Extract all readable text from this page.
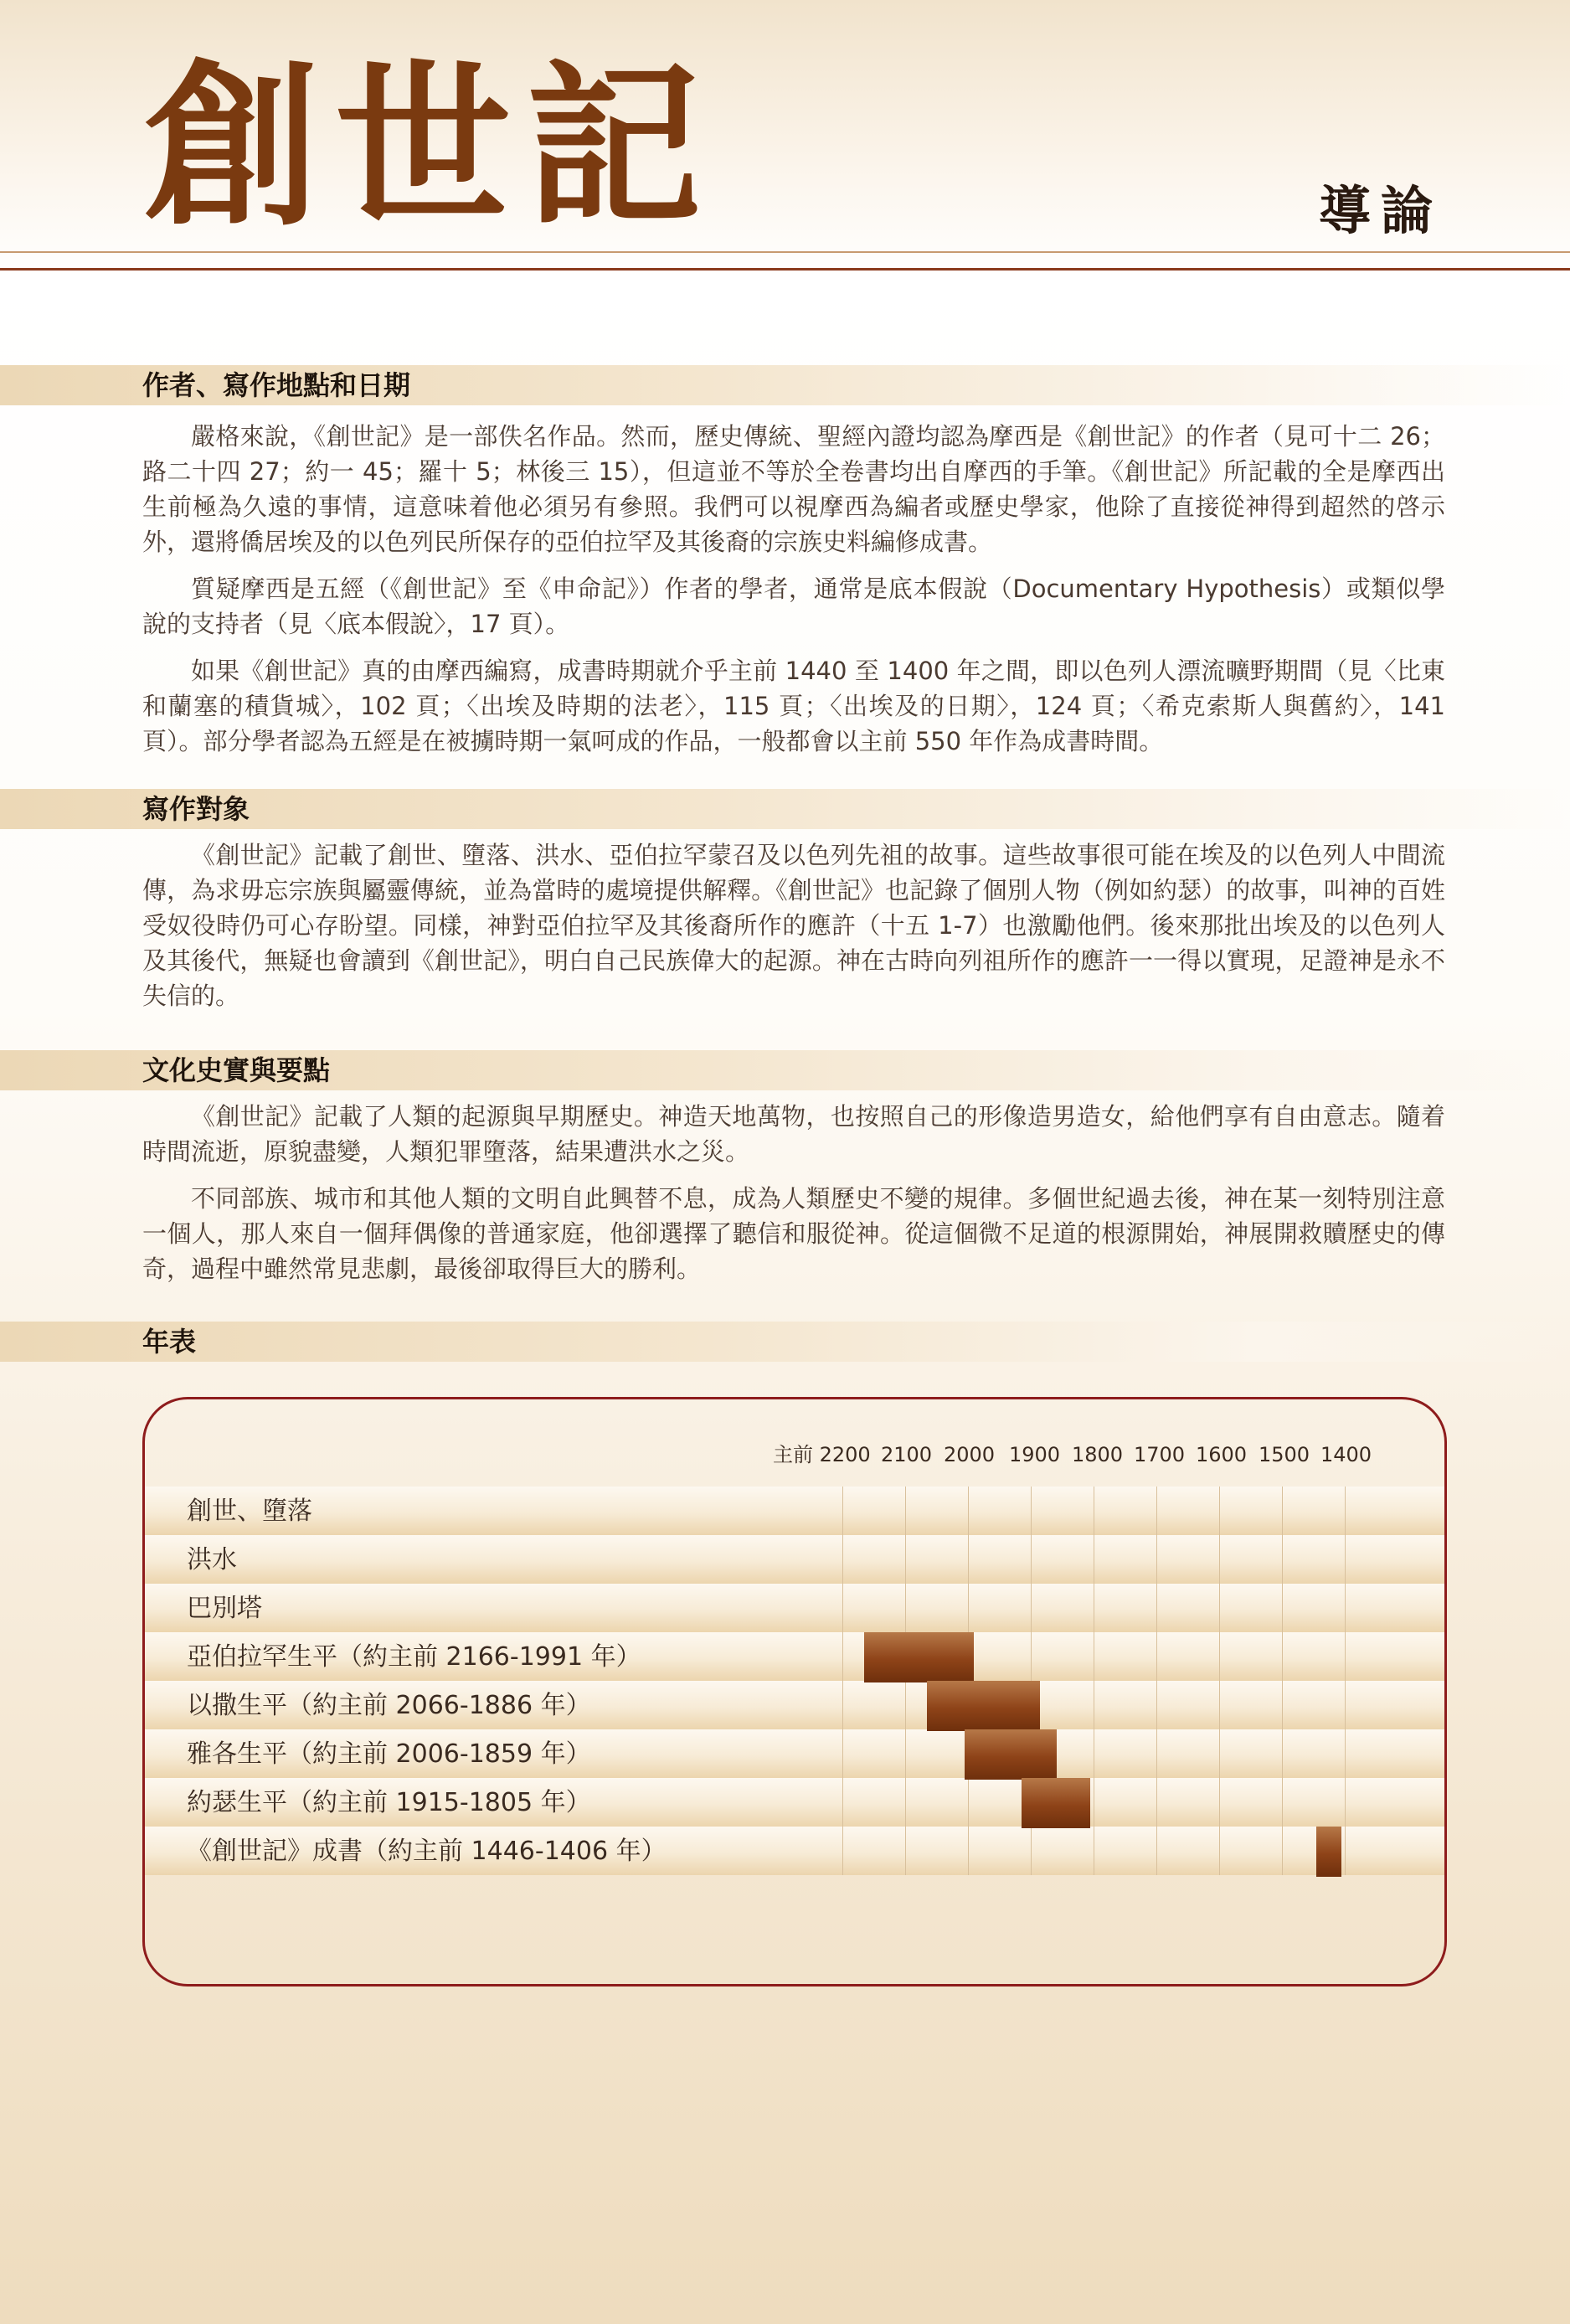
創世記	導論
作者、寫作地點和日期

嚴格來說，《創世記》是一部佚名作品。然而，歷史傳統、聖經內證均認為摩西是《創世記》的作者（見可十二 26；路二十四 27；約一 45；羅十 5；林後三 15），但這並不等於全卷書均出自摩西的手筆。《創世記》所記載的全是摩西出生前極為久遠的事情，這意味着他必須另有參照。我們可以視摩西為編者或歷史學家，他除了直接從神得到超然的啓示外，還將僑居埃及的以色列民所保存的亞伯拉罕及其後裔的宗族史料編修成書。

質疑摩西是五經（《創世記》至《申命記》）作者的學者，通常是底本假說（Documentary Hypothesis）或類似學說的支持者（見〈底本假說〉，17 頁）。

如果《創世記》真的由摩西編寫，成書時期就介乎主前 1440 至 1400 年之間，即以色列人漂流曠野期間（見〈比東和蘭塞的積貨城〉，102 頁；〈出埃及時期的法老〉，115 頁；〈出埃及的日期〉，124 頁；〈希克索斯人與舊約〉，141 頁）。部分學者認為五經是在被擄時期一氣呵成的作品，一般都會以主前 550 年作為成書時間。

寫作對象

《創世記》記載了創世、墮落、洪水、亞伯拉罕蒙召及以色列先祖的故事。這些故事很可能在埃及的以色列人中間流傳，為求毋忘宗族與屬靈傳統，並為當時的處境提供解釋。《創世記》也記錄了個別人物（例如約瑟）的故事，叫神的百姓受奴役時仍可心存盼望。同樣，神對亞伯拉罕及其後裔所作的應許（十五 1-7）也激勵他們。後來那批出埃及的以色列人及其後代，無疑也會讀到《創世記》，明白自己民族偉大的起源。神在古時向列祖所作的應許一一得以實現，足證神是永不失信的。

文化史實與要點

《創世記》記載了人類的起源與早期歷史。神造天地萬物，也按照自己的形像造男造女，給他們享有自由意志。隨着時間流逝，原貌盡變，人類犯罪墮落，結果遭洪水之災。

不同部族、城市和其他人類的文明自此興替不息，成為人類歷史不變的規律。多個世紀過去後，神在某一刻特別注意一個人，那人來自一個拜偶像的普通家庭，他卻選擇了聽信和服從神。從這個微不足道的根源開始，神展開救贖歷史的傳奇，過程中雖然常見悲劇，最後卻取得巨大的勝利。

年表
主前 2200 2100 2000 1900 1800 1700 1600 1500 1400
創世、墮落
洪水
巴別塔
亞伯拉罕生平（約主前 2166-1991 年）
以撒生平（約主前 2066-1886 年）
雅各生平（約主前 2006-1859 年）
約瑟生平（約主前 1915-1805 年）
《創世記》成書（約主前 1446-1406 年）
